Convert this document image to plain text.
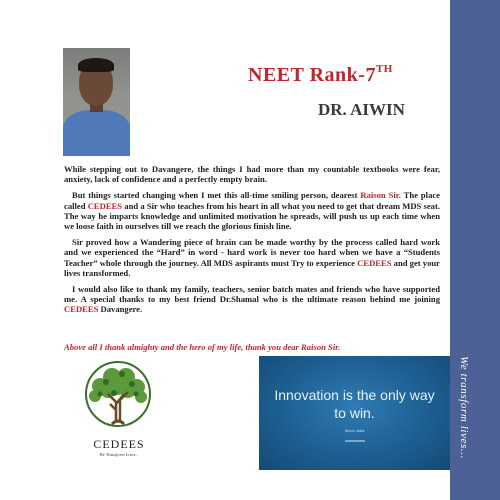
NEET Rank-7TH
DR. AIWIN

While stepping out to Davangere, the things I had more than my countable textbooks were fear, anxiety, lack of confidence and a perfectly empty brain.

But things started changing when I met this all-time smiling person, dearest Raison Sir. The place called CEDEES and a Sir who teaches from his heart in all what you need to get that dream MDS seat. The way he imparts knowledge and unlimited motivation he spreads, will push us up each time when we loose faith in ourselves till we reach the glorious finish line.

Sir proved how a Wandering piece of brain can be made worthy by the process called hard work and we experienced the “Hard” in word - hard work is never too hard when we have a “Students Teacher” whole through the journey. All MDS aspirants must Try to experience CEDEES and get your lives transformed.

I would also like to thank my family, teachers, senior batch mates and friends who have supported me. A special thanks to my best friend Dr.Shamal who is the ultimate reason behind me joining CEDEES Davangere.

Above all I thank almighty and the hero of my life, thank you dear Raison Sir.
CEDEES
We Transform Lives...
Innovation is the only way to win.
Steve Jobs	We transform lives...
